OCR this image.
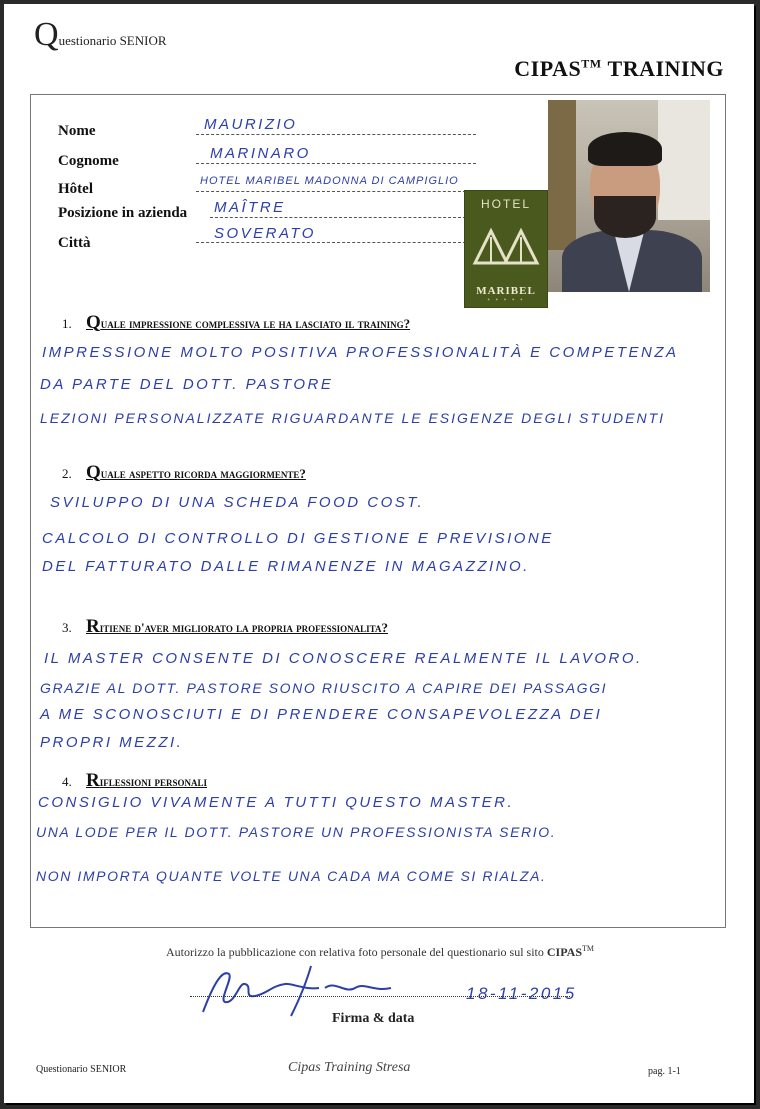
Questionario SENIOR
CIPAS™ TRAINING
Nome
Cognome
Hôtel
Posizione in azienda
Città
MAURIZIO
MARINARO
HOTEL MARIBEL MADONNA DI CAMPIGLIO
MAÎTRE
SOVERATO
HOTEL
MARIBEL
• • • • •
1. Quale impressione complessiva le ha lasciato il training?
IMPRESSIONE MOLTO POSITIVA PROFESSIONALITÀ E COMPETENZA
DA PARTE DEL DOTT. PASTORE
LEZIONI PERSONALIZZATE RIGUARDANTE LE ESIGENZE DEGLI STUDENTI
2. Quale aspetto ricorda maggiormente?
SVILUPPO DI UNA SCHEDA FOOD COST.
CALCOLO DI CONTROLLO DI GESTIONE E PREVISIONE
DEL FATTURATO DALLE RIMANENZE IN MAGAZZINO.
3. Ritiene d'aver migliorato la propria professionalita?
IL MASTER CONSENTE DI CONOSCERE REALMENTE IL LAVORO.
GRAZIE AL DOTT. PASTORE SONO RIUSCITO A CAPIRE DEI PASSAGGI
A ME SCONOSCIUTI E DI PRENDERE CONSAPEVOLEZZA DEI
PROPRI MEZZI.
4. Riflessioni personali
CONSIGLIO VIVAMENTE A TUTTI QUESTO MASTER.
UNA LODE PER IL DOTT. PASTORE UN PROFESSIONISTA SERIO.
NON IMPORTA QUANTE VOLTE UNA CADA MA COME SI RIALZA.
Autorizzo la pubblicazione con relativa foto personale del questionario sul sito CIPAS™
18-11-2015
Firma & data
Questionario SENIOR	Cipas Training Stresa	pag. 1-1
